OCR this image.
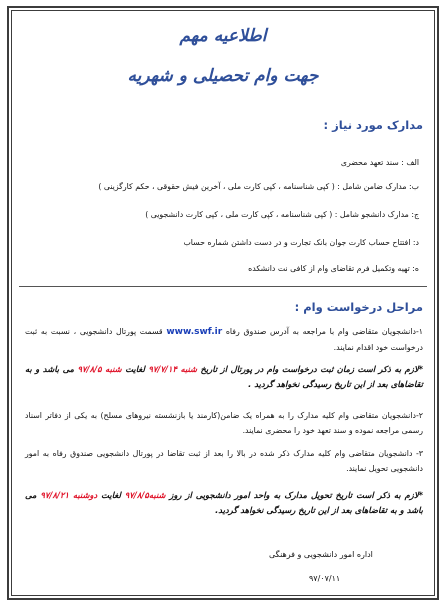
اطلاعیه مهم
جهت وام تحصیلی و شهریه
مدارک مورد نیاز :
الف : سند تعهد محضری
ب: مدارک ضامن شامل : ( کپی شناسنامه ، کپی کارت ملی ، آخرین فیش حقوقی ، حکم کارگزینی )
ج: مدارک دانشجو شامل : ( کپی شناسنامه ، کپی کارت ملی ، کپی کارت دانشجویی )
د: افتتاح حساب کارت جوان بانک تجارت و در دست داشتن شماره حساب
ه: تهیه وتکمیل فرم تقاضای وام از کافی نت دانشکده
مراحل درخواست وام :
۱-دانشجویان متقاضی وام با مراجعه به آدرس صندوق رفاه www.swf.ir قسمت پورتال دانشجویی ، نسبت به ثبت درخواست خود اقدام نمایند.
*لازم به ذکر است زمان ثبت درخواست وام در پورتال از تاریخ شنبه ۹۷/۷/۱۴ لغایت شنبه ۹۷/۸/۵ می باشد و به تقاضاهای بعد از این تاریخ رسیدگی نخواهد گردید .
۲-دانشجویان متقاضی وام کلیه مدارک را به همراه یک ضامن(کارمند یا بازنشسته نیروهای مسلح) به یکی از دفاتر اسناد رسمی مراجعه نموده و سند تعهد خود را محضری نمایند.
۳- دانشجویان متقاضی وام کلیه مدارک ذکر شده در بالا را بعد از ثبت تقاضا در پورتال دانشجویی صندوق رفاه به امور دانشجویی تحویل نمایند.
*لازم به ذکر است تاریخ تحویل مدارک به واحد امور دانشجویی از روز شنبه۹۷/۸/۵ لغایت دوشنبه ۹۷/۸/۲۱ می باشد و به تقاضاهای بعد از این تاریخ رسیدگی نخواهد گردید.
اداره امور دانشجویی و فرهنگی
۹۷/۰۷/۱۱
